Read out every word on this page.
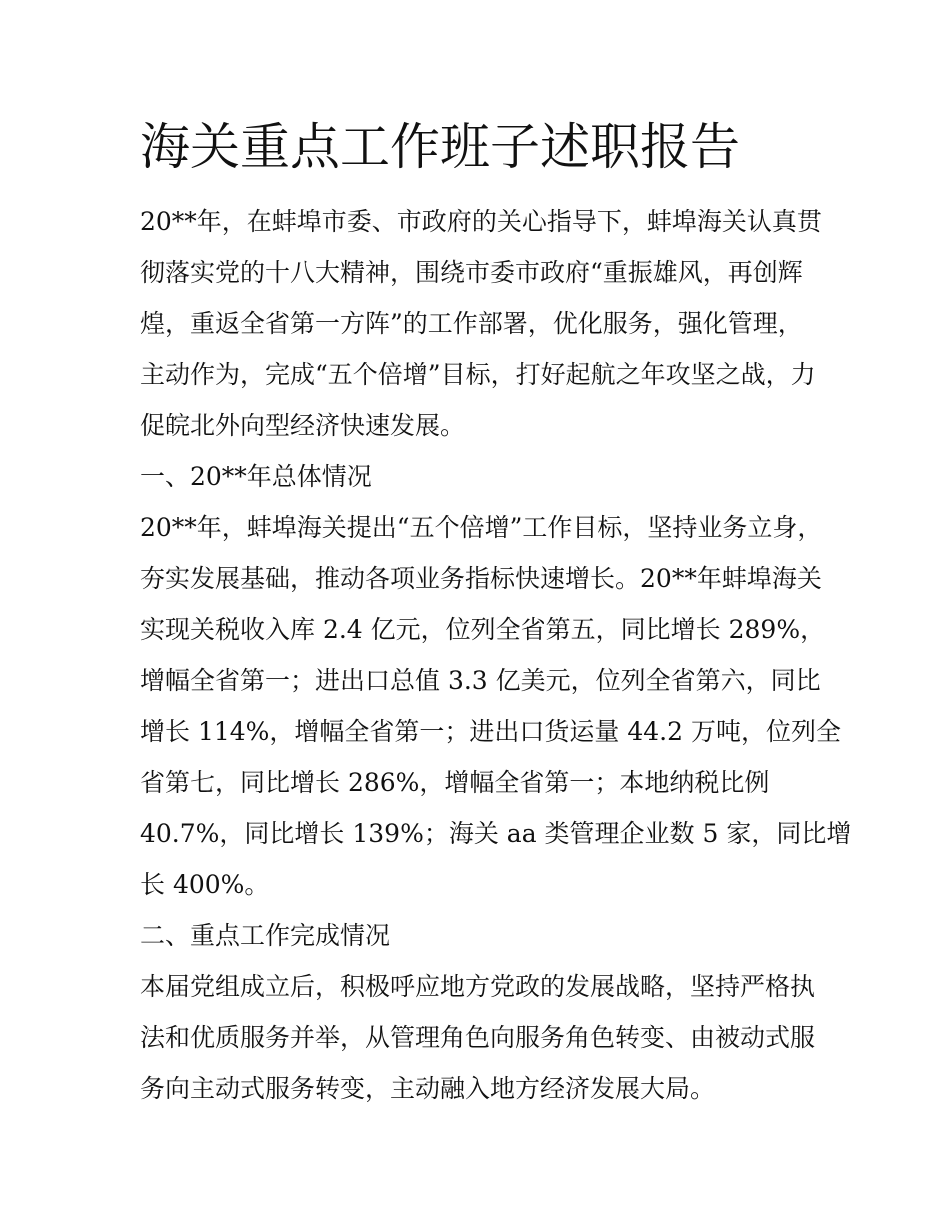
海关重点工作班子述职报告

20**年，在蚌埠市委、市政府的关心指导下，蚌埠海关认真贯
彻落实党的十八大精神，围绕市委市政府“重振雄风，再创辉
煌，重返全省第一方阵”的工作部署，优化服务，强化管理，
主动作为，完成“五个倍增”目标，打好起航之年攻坚之战，力
促皖北外向型经济快速发展。

一、20**年总体情况

20**年，蚌埠海关提出“五个倍增”工作目标，坚持业务立身，
夯实发展基础，推动各项业务指标快速增长。20**年蚌埠海关
实现关税收入库 2.4 亿元，位列全省第五，同比增长 289%，
增幅全省第一；进出口总值 3.3 亿美元，位列全省第六，同比
增长 114%，增幅全省第一；进出口货运量 44.2 万吨，位列全
省第七，同比增长 286%，增幅全省第一；本地纳税比例
40.7%，同比增长 139%；海关 aa 类管理企业数 5 家，同比增
长 400%。

二、重点工作完成情况

本届党组成立后，积极呼应地方党政的发展战略，坚持严格执
法和优质服务并举，从管理角色向服务角色转变、由被动式服
务向主动式服务转变，主动融入地方经济发展大局。
